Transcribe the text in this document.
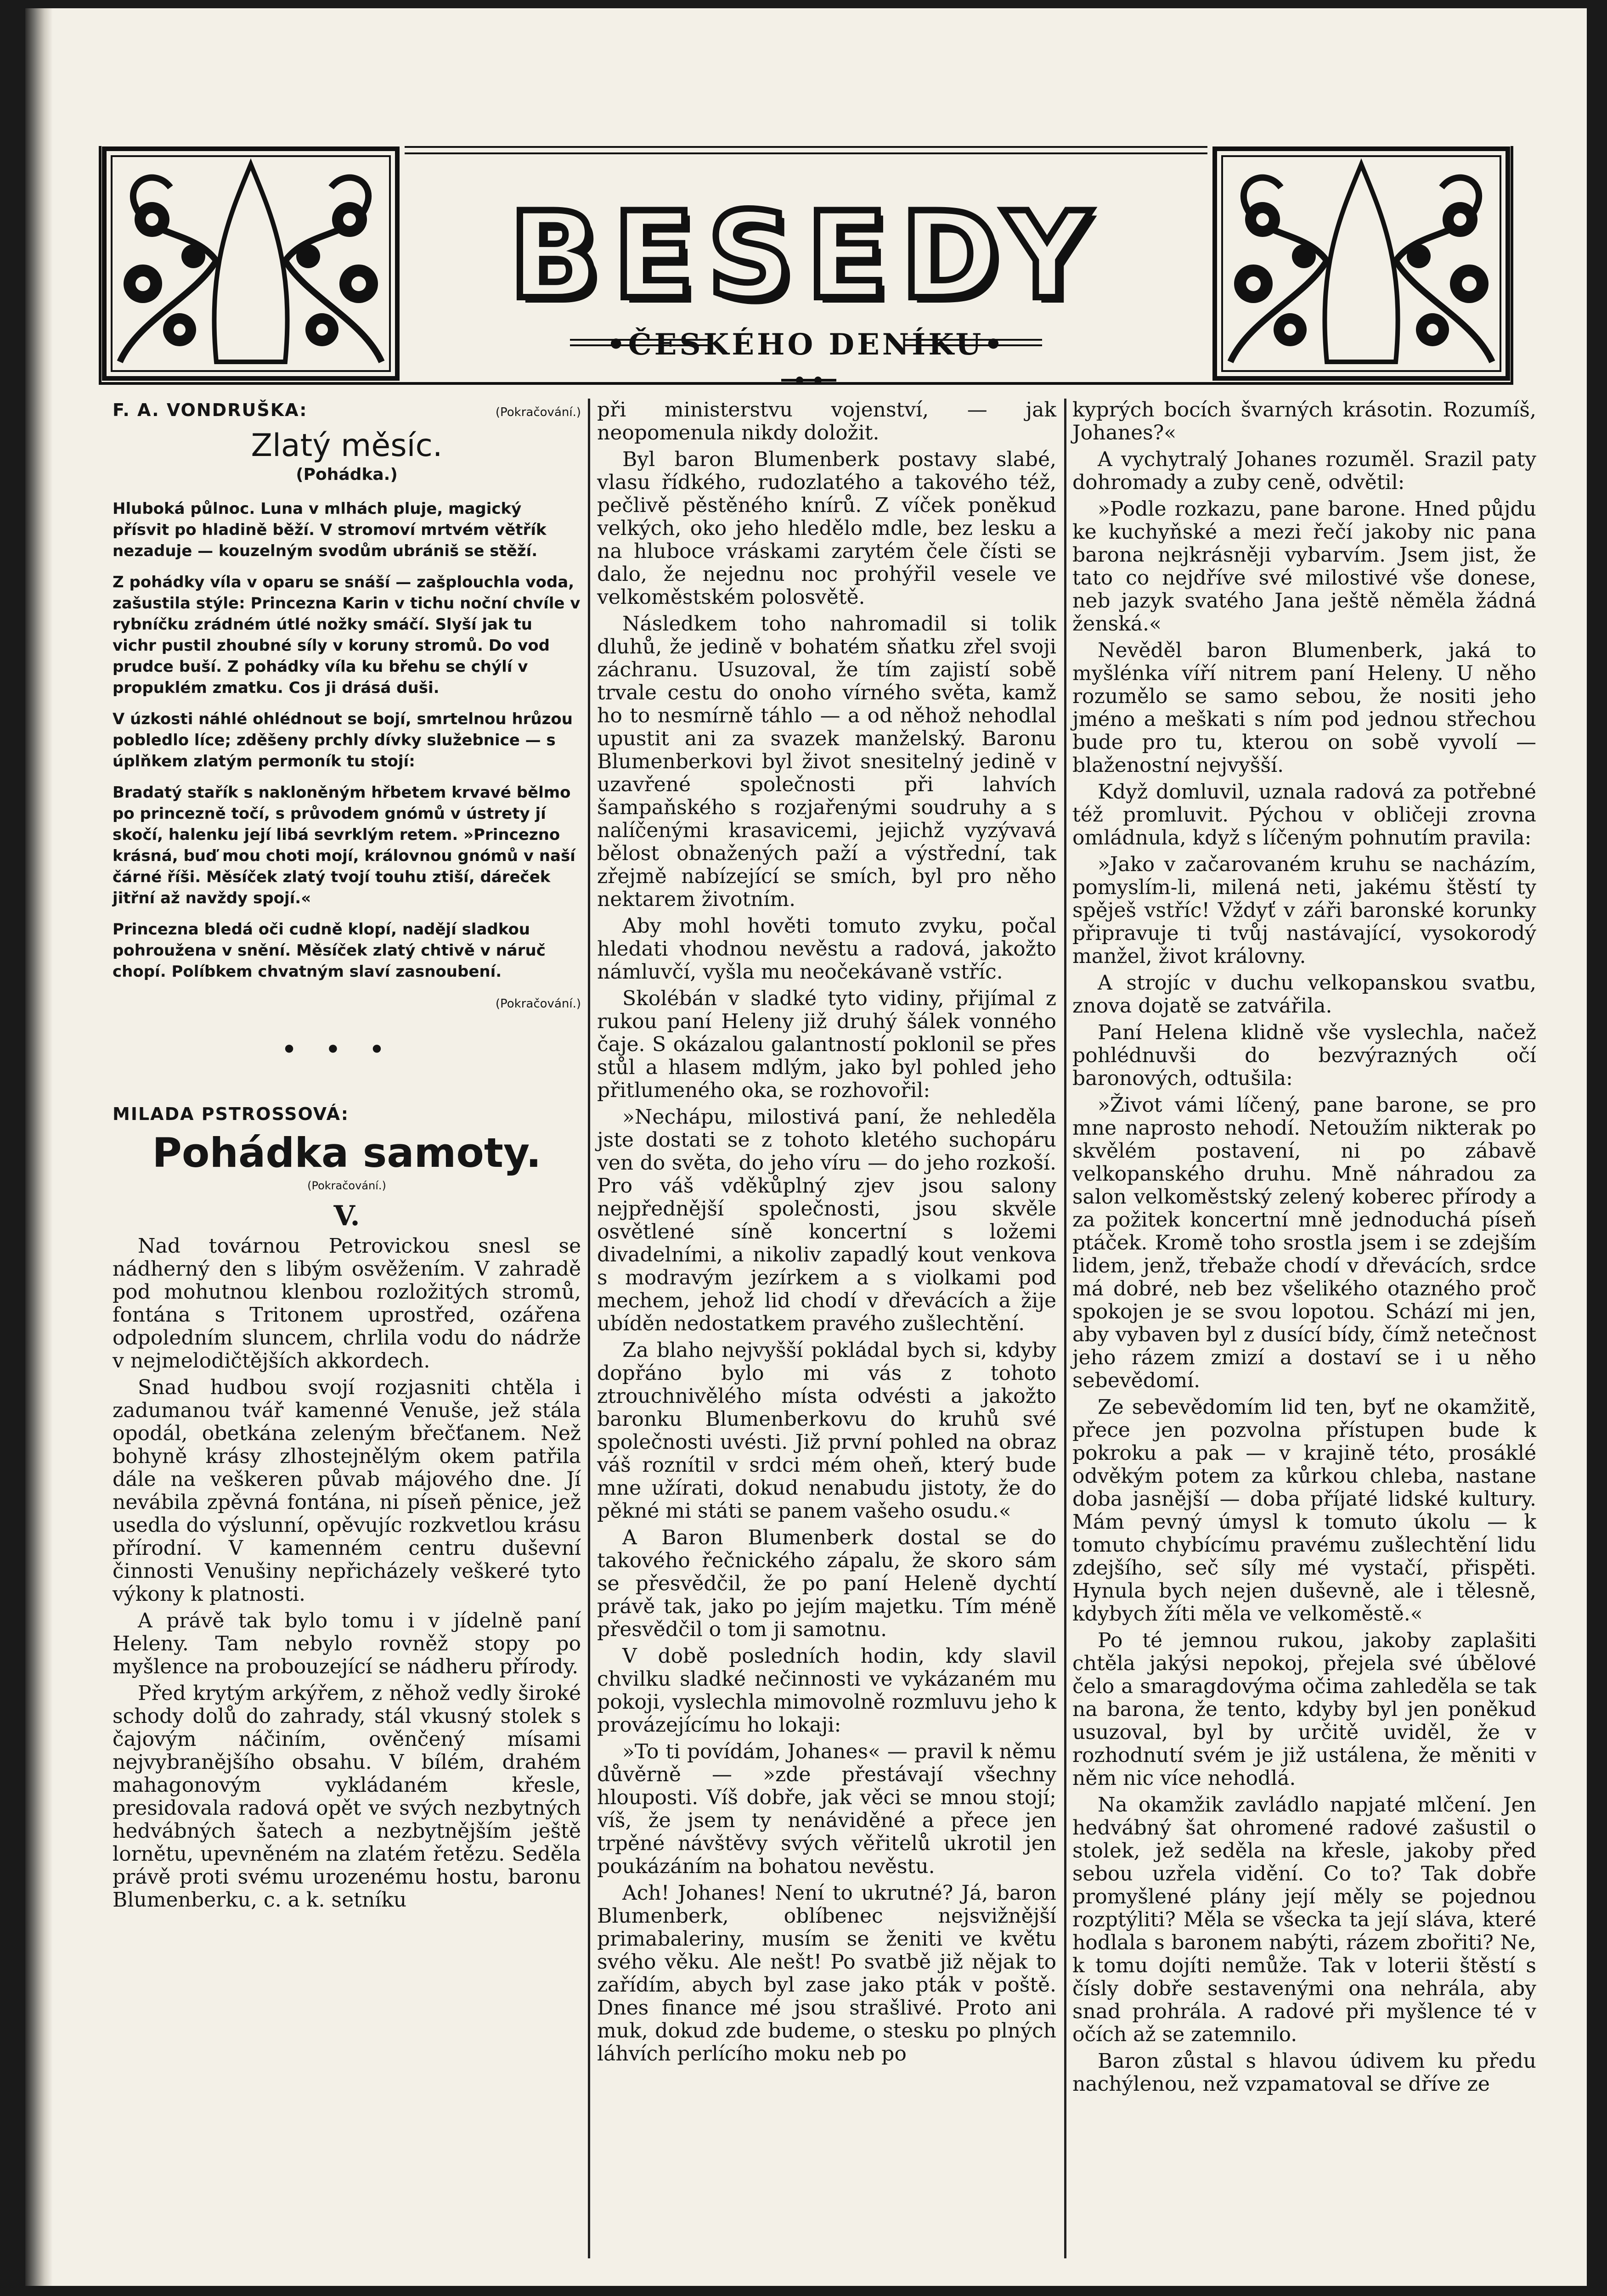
BESEDY
•ČESKÉHO DENÍKU•
F. A. VONDRUŠKA:	(Pokračování.)
Zlatý měsíc.
(Pohádka.)

Hluboká půlnoc. Luna v mlhách pluje, magický přísvit po hladině běží. V stromoví mrtvém větřík nezaduje — kouzelným svodům ubrániš se stěží.

Z pohádky víla v oparu se snáší — zašplouchla voda, zašustila stýle: Princezna Karin v tichu noční chvíle v rybníčku zrádném útlé nožky smáčí. Slyší jak tu vichr pustil zhoubné síly v koruny stromů. Do vod prudce buší. Z pohádky víla ku břehu se chýlí v propuklém zmatku. Cos ji drásá duši.

V úzkosti náhlé ohlédnout se bojí, smrtelnou hrůzou pobledlo líce; zděšeny prchly dívky služebnice — s úplňkem zlatým permoník tu stojí:

Bradatý stařík s nakloněným hřbetem krvavé bělmo po princezně točí, s průvodem gnómů v ústrety jí skočí, halenku její libá sevrklým retem. »Princezno krásná, buď mou choti mojí, královnou gnómů v naší čárné říši. Měsíček zlatý tvojí touhu ztiší, dáreček jitřní až navždy spojí.«

Princezna bledá oči cudně klopí, nadějí sladkou pohroužena v snění. Měsíček zlatý chtivě v náruč chopí. Políbkem chvatným slaví zasnoubení.

(Pokračování.)
•••
MILADA PSTROSSOVÁ:
Pohádka samoty.
(Pokračování.)
V.

Nad továrnou Petrovickou snesl se nádherný den s libým osvěžením. V zahradě pod mohutnou klenbou rozložitých stromů, fontána s Tritonem uprostřed, ozářena odpoledním sluncem, chrlila vodu do nádrže v nejmelodičtějších akkordech.

Snad hudbou svojí rozjasniti chtěla i zadumanou tvář kamenné Venuše, jež stála opodál, obetkána zeleným břečťanem. Než bohyně krásy zlhostejnělým okem patřila dále na veškeren půvab májového dne. Jí nevábila zpěvná fontána, ni píseň pěnice, jež usedla do výslunní, opěvujíc rozkvetlou krásu přírodní. V kamenném centru duševní činnosti Venušiny nepřicházely veškeré tyto výkony k platnosti.

A právě tak bylo tomu i v jídelně paní Heleny. Tam nebylo rovněž stopy po myšlence na probouzející se nádheru přírody.

Před krytým arkýřem, z něhož vedly široké schody dolů do zahrady, stál vkusný stolek s čajovým náčiním, ověnčený mísami nejvybranějšího obsahu. V bílém, drahém mahagonovým vykládaném křesle, presidovala radová opět ve svých nezbytných hedvábných šatech a nezbytnějším ještě lornětu, upevněném na zlatém řetězu. Seděla právě proti svému urozenému hostu, baronu Blumenberku, c. a k. setníku

při ministerstvu vojenství, — jak neopomenula nikdy doložit.

Byl baron Blumenberk postavy slabé, vlasu řídkého, rudozlatého a takového též, pečlivě pěstěného knírů. Z víček poněkud velkých, oko jeho hledělo mdle, bez lesku a na hluboce vráskami zarytém čele čísti se dalo, že nejednu noc prohýřil vesele ve velkoměstském polosvětě.

Následkem toho nahromadil si tolik dluhů, že jedině v bohatém sňatku zřel svoji záchranu. Usuzoval, že tím zajistí sobě trvale cestu do onoho vírného světa, kamž ho to nesmírně táhlo — a od něhož nehodlal upustit ani za svazek manželský. Baronu Blumenberkovi byl život snesitelný jedině v uzavřené společnosti při lahvích šampaňského s rozjařenými soudruhy a s nalíčenými krasavicemi, jejichž vyzývavá bělost obnažených paží a výstřední, tak zřejmě nabízející se smích, byl pro něho nektarem životním.

Aby mohl hověti tomuto zvyku, počal hledati vhodnou nevěstu a radová, jakožto námluvčí, vyšla mu neočekávaně vstříc.

Skolébán v sladké tyto vidiny, přijímal z rukou paní Heleny již druhý šálek vonného čaje. S okázalou galantností poklonil se přes stůl a hlasem mdlým, jako byl pohled jeho přitlumeného oka, se rozhovořil:

»Nechápu, milostivá paní, že nehleděla jste dostati se z tohoto kletého suchopáru ven do světa, do jeho víru — do jeho rozkoší. Pro váš vděkůplný zjev jsou salony nejpřednější společnosti, jsou skvěle osvětlené síně koncertní s ložemi divadelními, a nikoliv zapadlý kout venkova s modravým jezírkem a s violkami pod mechem, jehož lid chodí v dřevácích a žije ubíděn nedostatkem pravého zušlechtění.

Za blaho nejvyšší pokládal bych si, kdyby dopřáno bylo mi vás z tohoto ztrouchnivělého místa odvésti a jakožto baronku Blumenberkovu do kruhů své společnosti uvésti. Již první pohled na obraz váš roznítil v srdci mém oheň, který bude mne užírati, dokud nenabudu jistoty, že do pěkné mi státi se panem vašeho osudu.«

A Baron Blumenberk dostal se do takového řečnického zápalu, že skoro sám se přesvědčil, že po paní Heleně dychtí právě tak, jako po jejím majetku. Tím méně přesvědčil o tom ji samotnu.

V době posledních hodin, kdy slavil chvilku sladké nečinnosti ve vykázaném mu pokoji, vyslechla mimovolně rozmluvu jeho k provázejícímu ho lokaji:

»To ti povídám, Johanes« — pravil k němu důvěrně — »zde přestávají všechny hlouposti. Víš dobře, jak věci se mnou stojí; víš, že jsem ty nenáviděné a přece jen trpěné návštěvy svých věřitelů ukrotil jen poukázáním na bohatou nevěstu.

Ach! Johanes! Není to ukrutné? Já, baron Blumenberk, oblíbenec nejsvižnější primabaleriny, musím se ženiti ve květu svého věku. Ale nešt! Po svatbě již nějak to zařídím, abych byl zase jako pták v poště. Dnes finance mé jsou strašlivé. Proto ani muk, dokud zde budeme, o stesku po plných láhvích perlícího moku neb po

kyprých bocích švarných krásotin. Rozumíš, Johanes?«

A vychytralý Johanes rozuměl. Srazil paty dohromady a zuby ceně, odvětil:

»Podle rozkazu, pane barone. Hned půjdu ke kuchyňské a mezi řečí jakoby nic pana barona nejkrásněji vybarvím. Jsem jist, že tato co nejdříve své milostivé vše donese, neb jazyk svatého Jana ještě něměla žádná ženská.«

Nevěděl baron Blumenberk, jaká to myšlénka víří nitrem paní Heleny. U něho rozumělo se samo sebou, že nositi jeho jméno a meškati s ním pod jednou střechou bude pro tu, kterou on sobě vyvolí — blaženostní nejvyšší.

Když domluvil, uznala radová za potřebné též promluvit. Pýchou v obličeji zrovna omládnula, když s líčeným pohnutím pravila:

»Jako v začarovaném kruhu se nacházím, pomyslím-li, milená neti, jakému štěstí ty spěješ vstříc! Vždyť v záři baronské korunky připravuje ti tvůj nastávající, vysokorodý manžel, život královny.

A strojíc v duchu velkopanskou svatbu, znova dojatě se zatvářila.

Paní Helena klidně vše vyslechla, načež pohlédnuvši do bezvýrazných očí baronových, odtušila:

»Život vámi líčený, pane barone, se pro mne naprosto nehodí. Netoužím nikterak po skvělém postavení, ni po zábavě velkopanského druhu. Mně náhradou za salon velkoměstský zelený koberec přírody a za požitek koncertní mně jednoduchá píseň ptáček. Kromě toho srostla jsem i se zdejším lidem, jenž, třebaže chodí v dřevácích, srdce má dobré, neb bez všelikého otazného proč spokojen je se svou lopotou. Schází mi jen, aby vybaven byl z dusící bídy, čímž netečnost jeho rázem zmizí a dostaví se i u něho sebevědomí.

Ze sebevědomím lid ten, byť ne okamžitě, přece jen pozvolna přístupen bude k pokroku a pak — v krajině této, prosáklé odvěkým potem za kůrkou chleba, nastane doba jasnější — doba příjaté lidské kultury. Mám pevný úmysl k tomuto úkolu — k tomuto chybícímu pravému zušlechtění lidu zdejšího, seč síly mé vystačí, přispěti. Hynula bych nejen duševně, ale i tělesně, kdybych žíti měla ve velkoměstě.«

Po té jemnou rukou, jakoby zaplašiti chtěla jakýsi nepokoj, přejela své úbělové čelo a smaragdovýma očima zahleděla se tak na barona, že tento, kdyby byl jen poněkud usuzoval, byl by určitě uviděl, že v rozhodnutí svém je již ustálena, že měniti v něm nic více nehodlá.

Na okamžik zavládlo napjaté mlčení. Jen hedvábný šat ohromené radové zašustil o stolek, jež seděla na křesle, jakoby před sebou uzřela vidění. Co to? Tak dobře promyšlené plány její měly se pojednou rozptýliti? Měla se všecka ta její sláva, které hodlala s baronem nabýti, rázem zbořiti? Ne, k tomu dojíti nemůže. Tak v loterii štěstí s čísly dobře sestavenými ona nehrála, aby snad prohrála. A radové při myšlence té v očích až se zatemnilo.

Baron zůstal s hlavou údivem ku předu nachýlenou, než vzpamatoval se dříve ze
